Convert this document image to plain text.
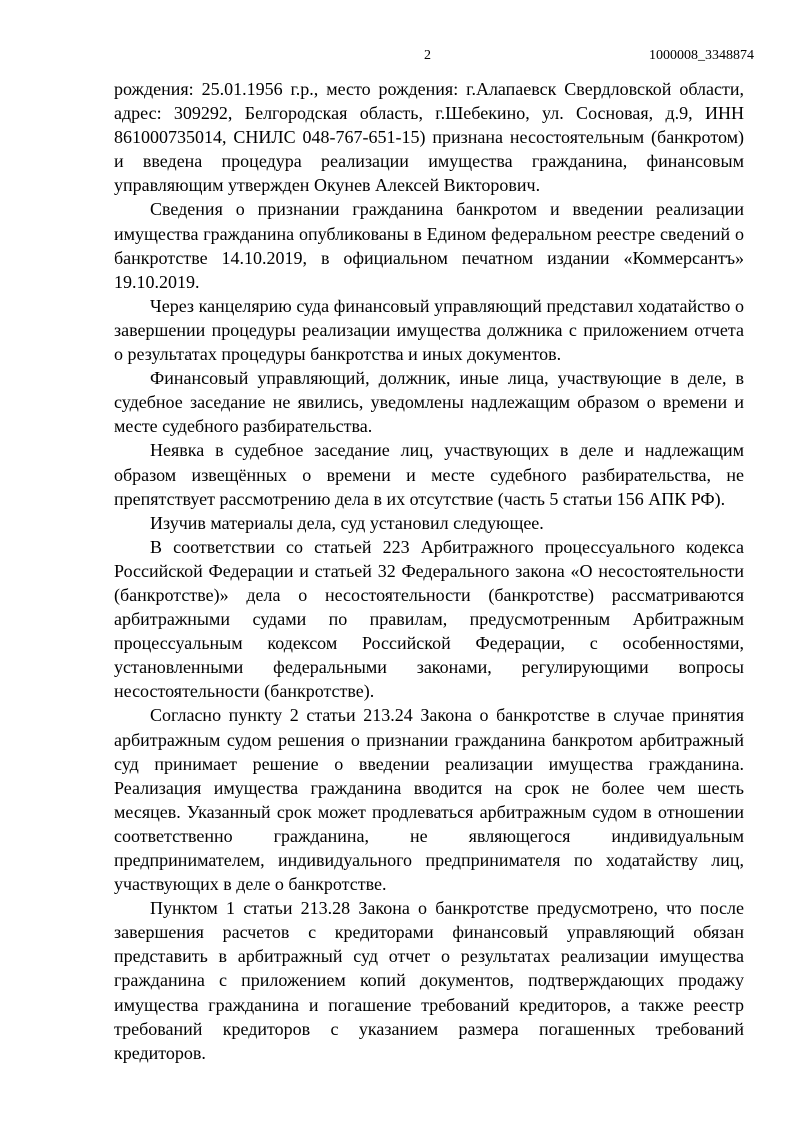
2	1000008_3348874

рождения: 25.01.1956 г.р., место рождения: г.Алапаевск Свердловской области, адрес: 309292, Белгородская область, г.Шебекино, ул. Сосновая, д.9, ИНН 861000735014, СНИЛС 048-767-651-15) признана несостоятельным (банкротом) и введена процедура реализации имущества гражданина, финансовым управляющим утвержден Окунев Алексей Викторович.

Сведения о признании гражданина банкротом и введении реализации имущества гражданина опубликованы в Едином федеральном реестре сведений о банкротстве 14.10.2019, в официальном печатном издании «Коммерсантъ» 19.10.2019.

Через канцелярию суда финансовый управляющий представил ходатайство о завершении процедуры реализации имущества должника с приложением отчета о результатах процедуры банкротства и иных документов.

Финансовый управляющий, должник, иные лица, участвующие в деле, в судебное заседание не явились, уведомлены надлежащим образом о времени и месте судебного разбирательства.

Неявка в судебное заседание лиц, участвующих в деле и надлежащим образом извещённых о времени и месте судебного разбирательства, не препятствует рассмотрению дела в их отсутствие (часть 5 статьи 156 АПК РФ).

Изучив материалы дела, суд установил следующее.

В соответствии со статьей 223 Арбитражного процессуального кодекса Российской Федерации и статьей 32 Федерального закона «О несостоятельности (банкротстве)» дела о несостоятельности (банкротстве) рассматриваются арбитражными судами по правилам, предусмотренным Арбитражным процессуальным кодексом Российской Федерации, с особенностями, установленными федеральными законами, регулирующими вопросы несостоятельности (банкротстве).

Согласно пункту 2 статьи 213.24 Закона о банкротстве в случае принятия арбитражным судом решения о признании гражданина банкротом арбитражный суд принимает решение о введении реализации имущества гражданина. Реализация имущества гражданина вводится на срок не более чем шесть месяцев. Указанный срок может продлеваться арбитражным судом в отношении соответственно гражданина, не являющегося индивидуальным предпринимателем, индивидуального предпринимателя по ходатайству лиц, участвующих в деле о банкротстве.

Пунктом 1 статьи 213.28 Закона о банкротстве предусмотрено, что после завершения расчетов с кредиторами финансовый управляющий обязан представить в арбитражный суд отчет о результатах реализации имущества гражданина с приложением копий документов, подтверждающих продажу имущества гражданина и погашение требований кредиторов, а также реестр требований кредиторов с указанием размера погашенных требований кредиторов.
